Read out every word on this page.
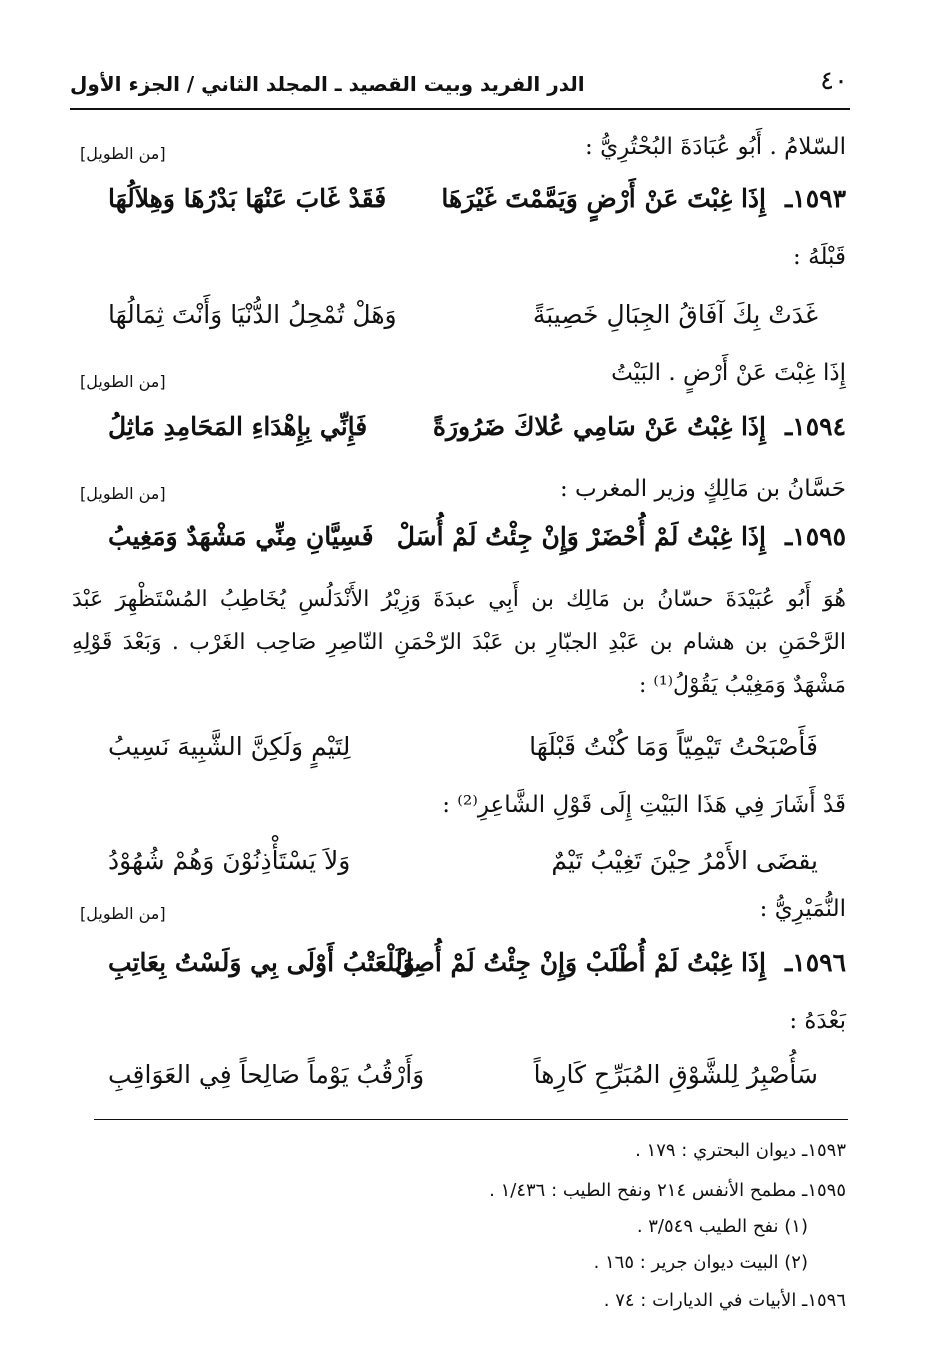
٤٠
الدر الفريد وبيت القصيد ـ المجلد الثاني / الجزء الأول
السّلامُ . أَبُو عُبَادَةَ البُحْتُرِيُّ :
[من الطويل]
١٥٩٣ـ
إِذَا غِبْتَ عَنْ أَرْضٍ وَيَمَّمْتَ غَيْرَهَا
فَقَدْ غَابَ عَنْهَا بَدْرُهَا وَهِلاَلُهَا
قَبْلَهُ :
غَدَتْ بِكَ آفَاقُ الجِبَالِ خَصِيبَةً
وَهَلْ تُمْحِلُ الدُّنْيَا وَأَنْتَ ثِمَالُهَا
إِذَا غِبْتَ عَنْ أَرْضٍ . البَيْتُ
[من الطويل]
١٥٩٤ـ
إِذَا غِبْتُ عَنْ سَامِي عُلاكَ ضَرُورَةً
فَإِنِّي بِإِهْدَاءِ المَحَامِدِ مَاثِلُ
حَسَّانُ بن مَالِكٍ وزير المغرب :
[من الطويل]
١٥٩٥ـ
إِذَا غِبْتُ لَمْ أُحْضَرْ وَإِنْ جِئْتُ لَمْ أُسَلْ
فَسِيَّانِ مِنِّي مَشْهَدٌ وَمَغِيبُ
هُوَ أَبُو عُبَيْدَةَ حسّانُ بن مَالِك بن أَبِي عبدَةَ وَزِيْرُ الأَنْدَلُسِ يُخَاطِبُ المُسْتَظْهِرَ عَبْدَ الرَّحْمَنِ بن هشام بن عَبْدِ الجبّارِ بن عَبْدَ الرّحْمَنِ النّاصِرِ صَاحِب الغَرْب . وَبَعْدَ قَوْلِهِ مَشْهَدٌ وَمَغِيْبُ يَقُوْلُ⁽¹⁾ :
فَأَصْبَحْتُ تَيْمِيّاً وَمَا كُنْتُ قَبْلَهَا
لِتَيْمٍ وَلَكِنَّ الشَّبِيهَ نَسِيبُ
قَدْ أَشَارَ فِي هَذَا البَيْتِ إِلَى قَوْلِ الشَّاعِرِ⁽²⁾ :
يقضَى الأَمْرُ حِيْنَ تَغِيْبُ تَيْمٌ
وَلاَ يَسْتَأْذِنُوْنَ وَهُمْ شُهُوْدُ
النُّمَيْرِيُّ :
[من الطويل]
١٥٩٦ـ
إِذَا غِبْتُ لَمْ أُطْلَبْ وَإِنْ جِئْتُ لَمْ أُصِلْ
وَلَلْعَتْبُ أَوْلَى بِي وَلَسْتُ بِعَاتِبِ
بَعْدَهُ :
سَأُصْبِرُ لِلشَّوْقِ المُبَرِّحِ كَارِهاً
وَأَرْقُبُ يَوْماً صَالِحاً فِي العَوَاقِبِ
١٥٩٣ـ ديوان البحتري : ١٧٩ .
١٥٩٥ـ مطمح الأنفس ٢١٤ ونفح الطيب : ١/٤٣٦ .
(١) نفح الطيب ٣/٥٤٩ .
(٢) البيت ديوان جرير : ١٦٥ .
١٥٩٦ـ الأبيات في الديارات : ٧٤ .
